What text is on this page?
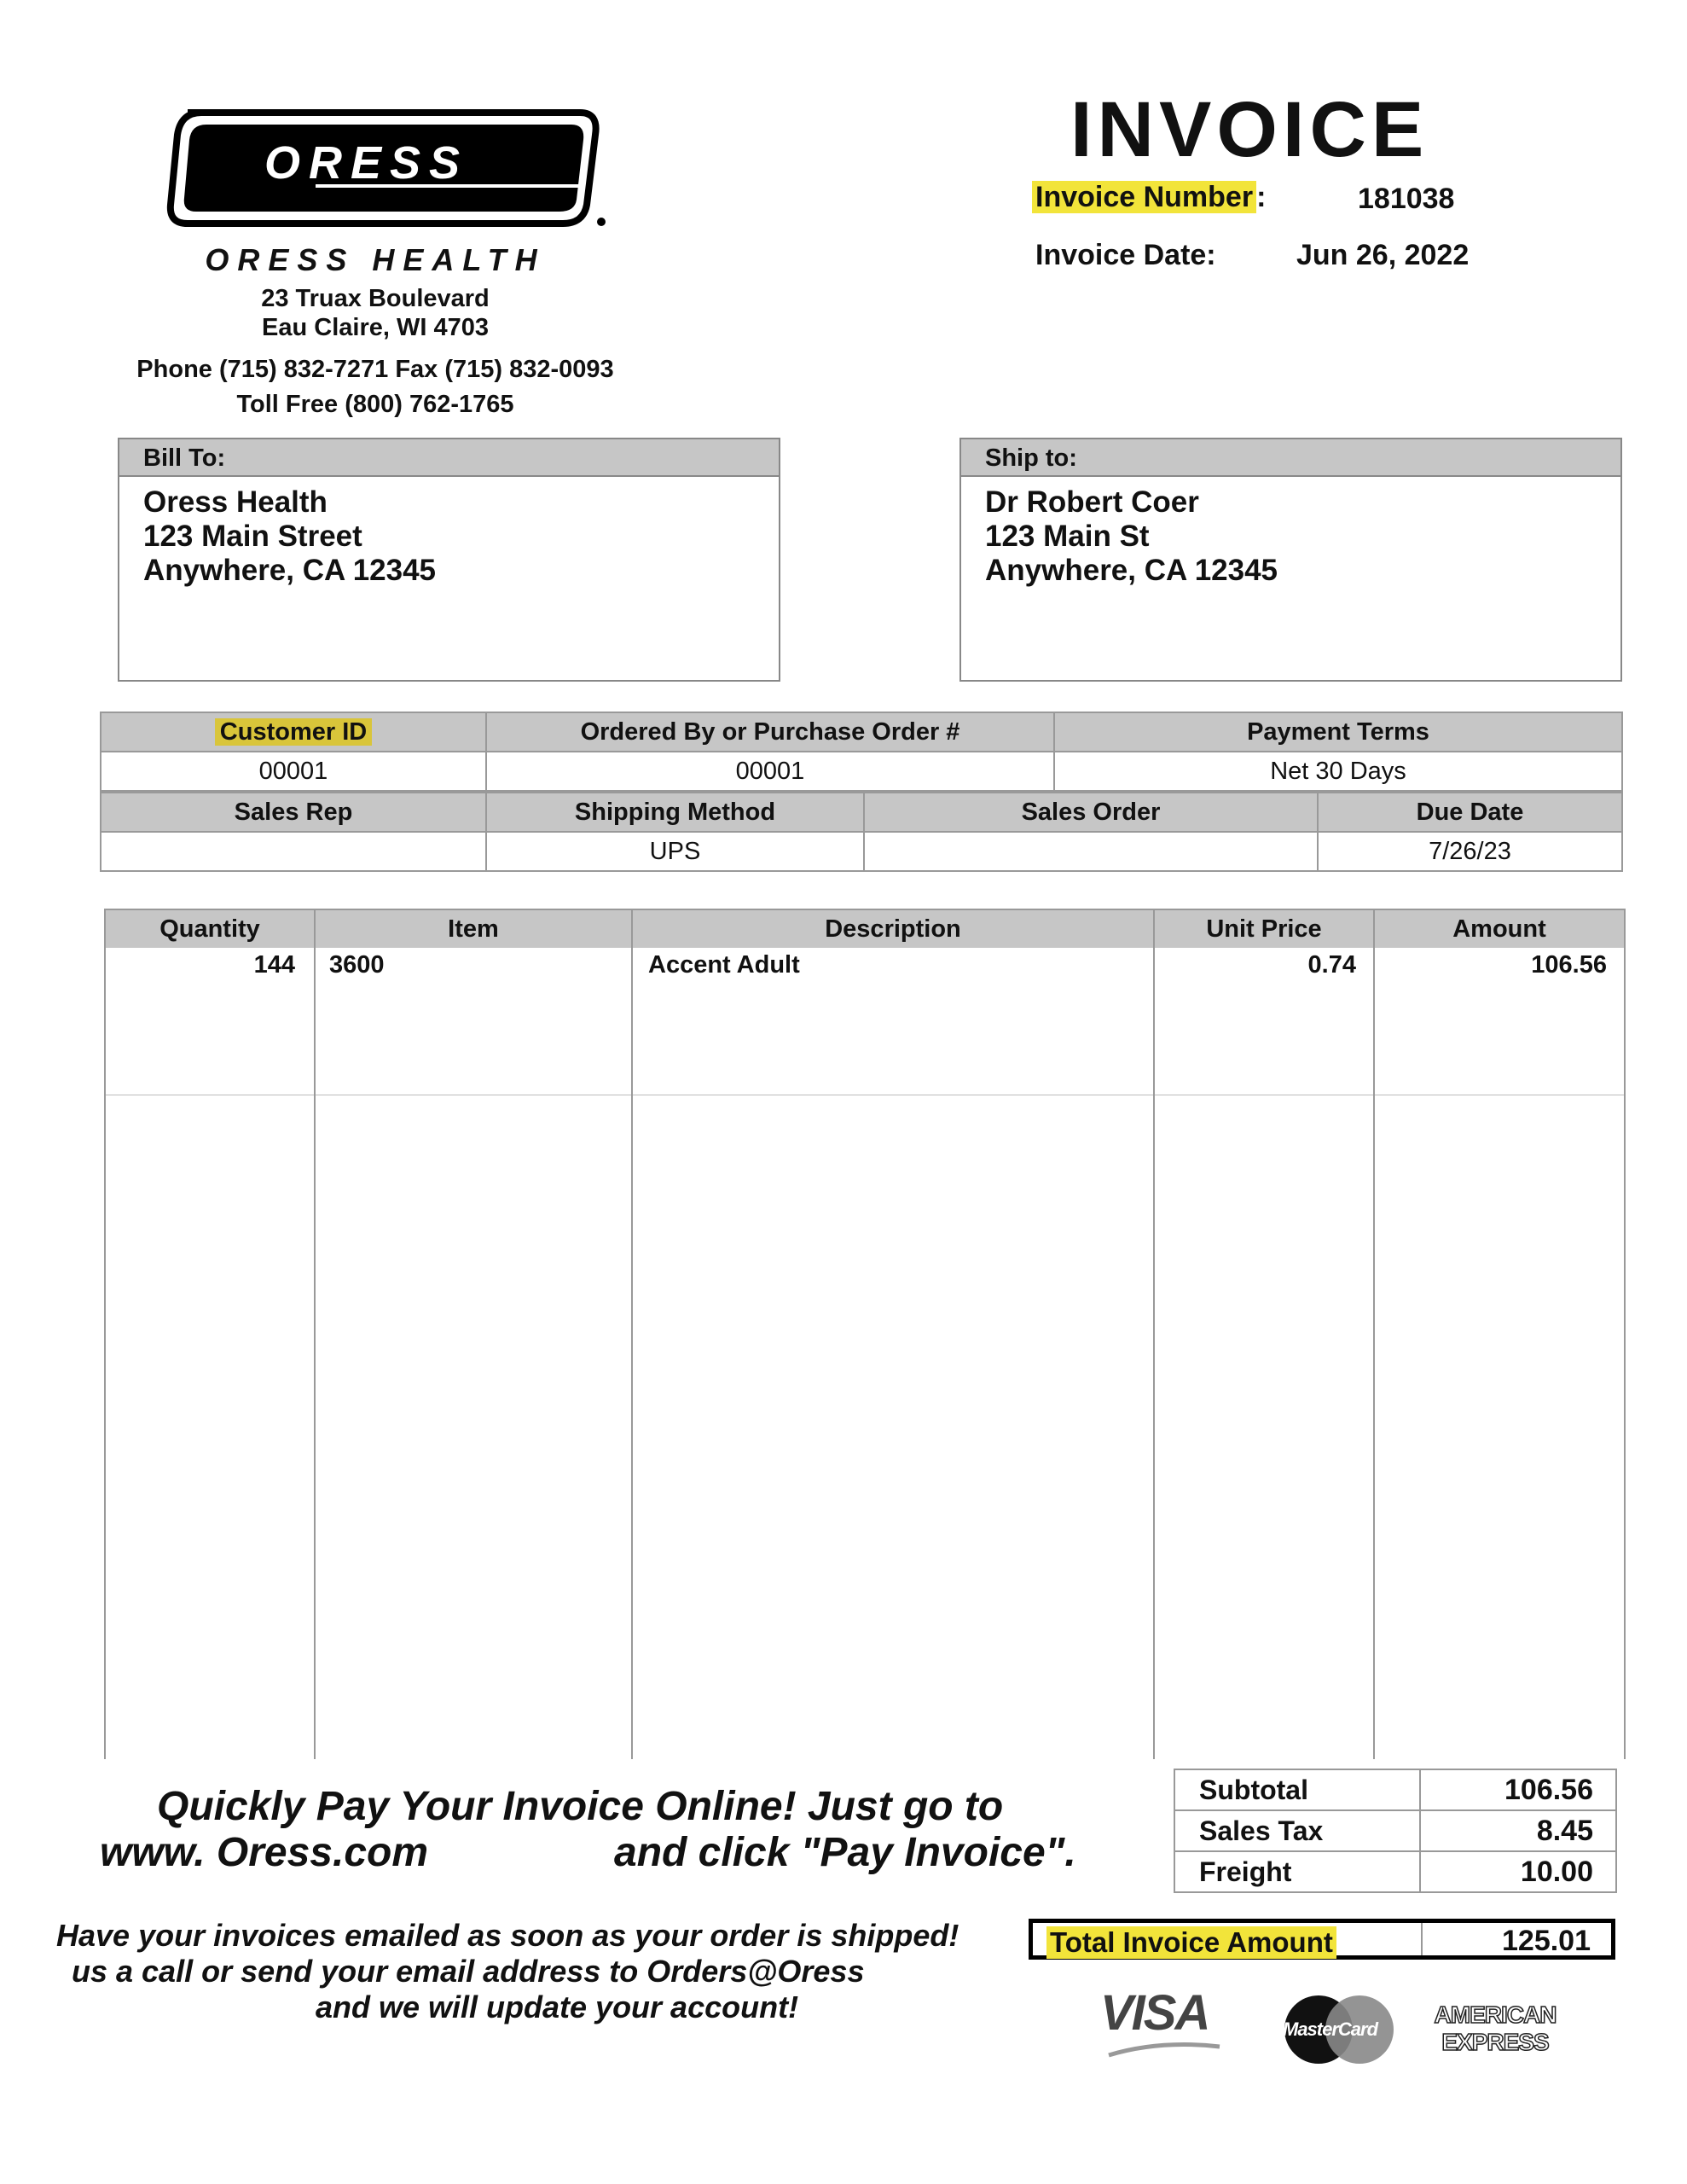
ORESS
ORESS HEALTH
23 Truax Boulevard
Eau Claire, WI 4703
Phone (715) 832-7271 Fax (715) 832-0093
Toll Free (800) 762-1765
INVOICE
Invoice Number :	181038
Invoice Date:	Jun 26, 2022
Bill To:
Oress Health
123 Main Street
Anywhere, CA 12345
Ship to:
Dr Robert Coer
123 Main St
Anywhere, CA 12345
Customer ID	Ordered By or Purchase Order #	Payment Terms
00001	00001	Net 30 Days
Sales Rep	Shipping Method	Sales Order	Due Date
	UPS		7/26/23
Quantity	Item	Description	Unit Price	Amount
144	3600	Accent Adult	0.74	106.56

Quickly Pay Your Invoice Online! Just go to
www. Oress.com	and click "Pay Invoice".
Have your invoices emailed as soon as your order is shipped!
us a call or send your email address to Orders@Oress
and we will update your account!
Subtotal	106.56
Sales Tax	8.45
Freight	10.00
Total Invoice Amount	125.01
VISA	MasterCard
AMERICAN
EXPRESS
